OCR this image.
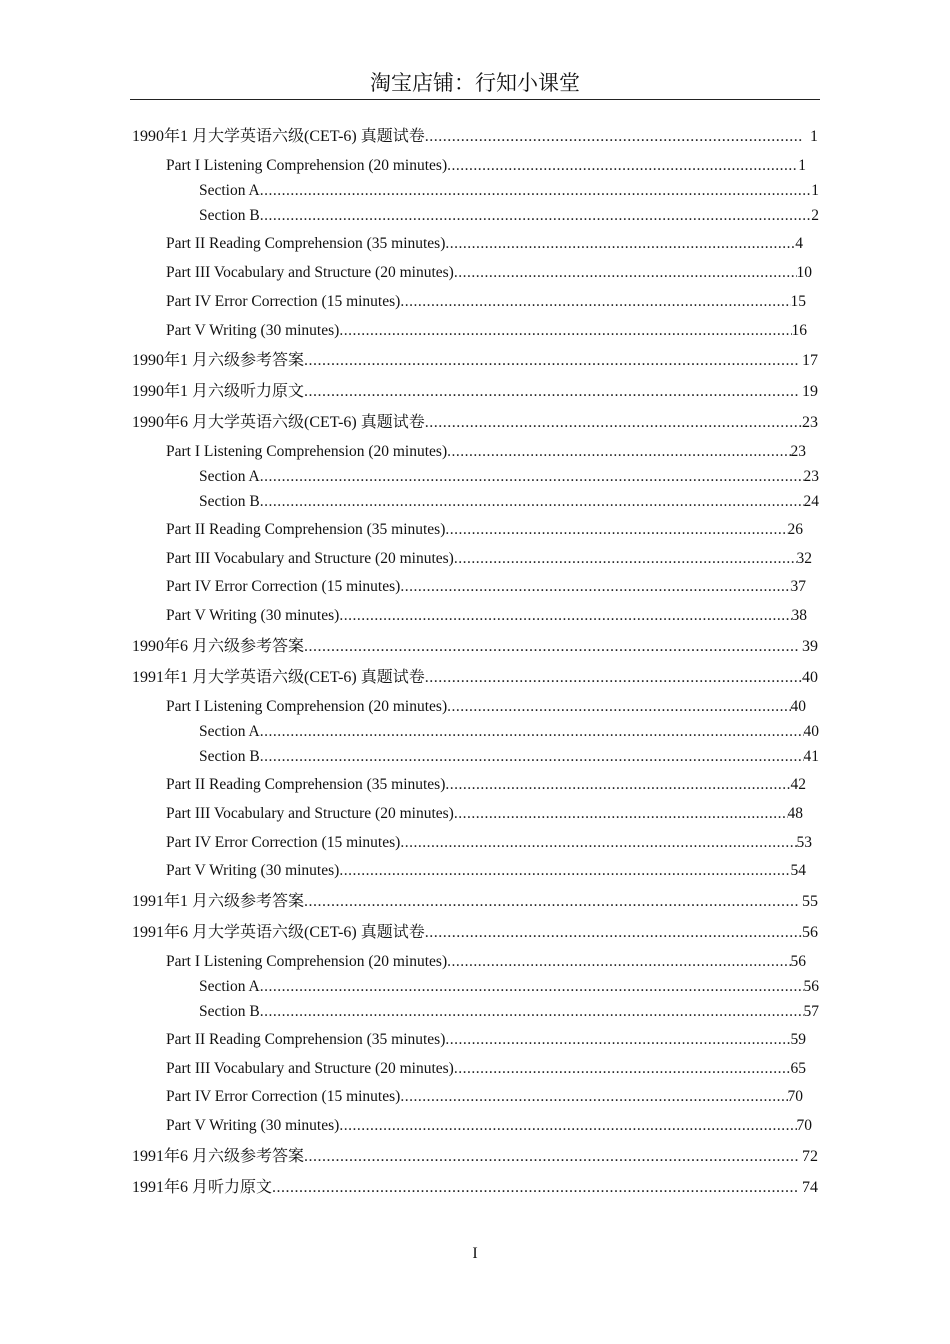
淘宝店铺：行知小课堂
1990年1 月大学英语六级(CET-6) 真题试卷 .....	1
Part I Listening Comprehension (20 minutes) .....	1
Section A .....	1
Section B .....	2
Part II Reading Comprehension (35 minutes) .....	4
Part III Vocabulary and Structure (20 minutes) .....	10
Part IV Error Correction (15 minutes) .....	15
Part V Writing (30 minutes) .....	16
1990年1 月六级参考答案 .....	17
1990年1 月六级听力原文 .....	19
1990年6 月大学英语六级(CET-6) 真题试卷 .....	23
Part I Listening Comprehension (20 minutes) .....	23
Section A .....	23
Section B .....	24
Part II Reading Comprehension (35 minutes) .....	26
Part III Vocabulary and Structure (20 minutes) .....	32
Part IV Error Correction (15 minutes) .....	37
Part V Writing (30 minutes) .....	38
1990年6 月六级参考答案 .....	39
1991年1 月大学英语六级(CET-6) 真题试卷 .....	40
Part I Listening Comprehension (20 minutes) .....	40
Section A .....	40
Section B .....	41
Part II Reading Comprehension (35 minutes) .....	42
Part III Vocabulary and Structure (20 minutes) .....	48
Part IV Error Correction (15 minutes) .....	53
Part V Writing (30 minutes) .....	54
1991年1 月六级参考答案 .....	55
1991年6 月大学英语六级(CET-6) 真题试卷 .....	56
Part I Listening Comprehension (20 minutes) .....	56
Section A .....	56
Section B .....	57
Part II Reading Comprehension (35 minutes) .....	59
Part III Vocabulary and Structure (20 minutes) .....	65
Part IV Error Correction (15 minutes) .....	70
Part V Writing (30 minutes) .....	70
1991年6 月六级参考答案 .....	72
1991年6 月听力原文 .....	74
I
